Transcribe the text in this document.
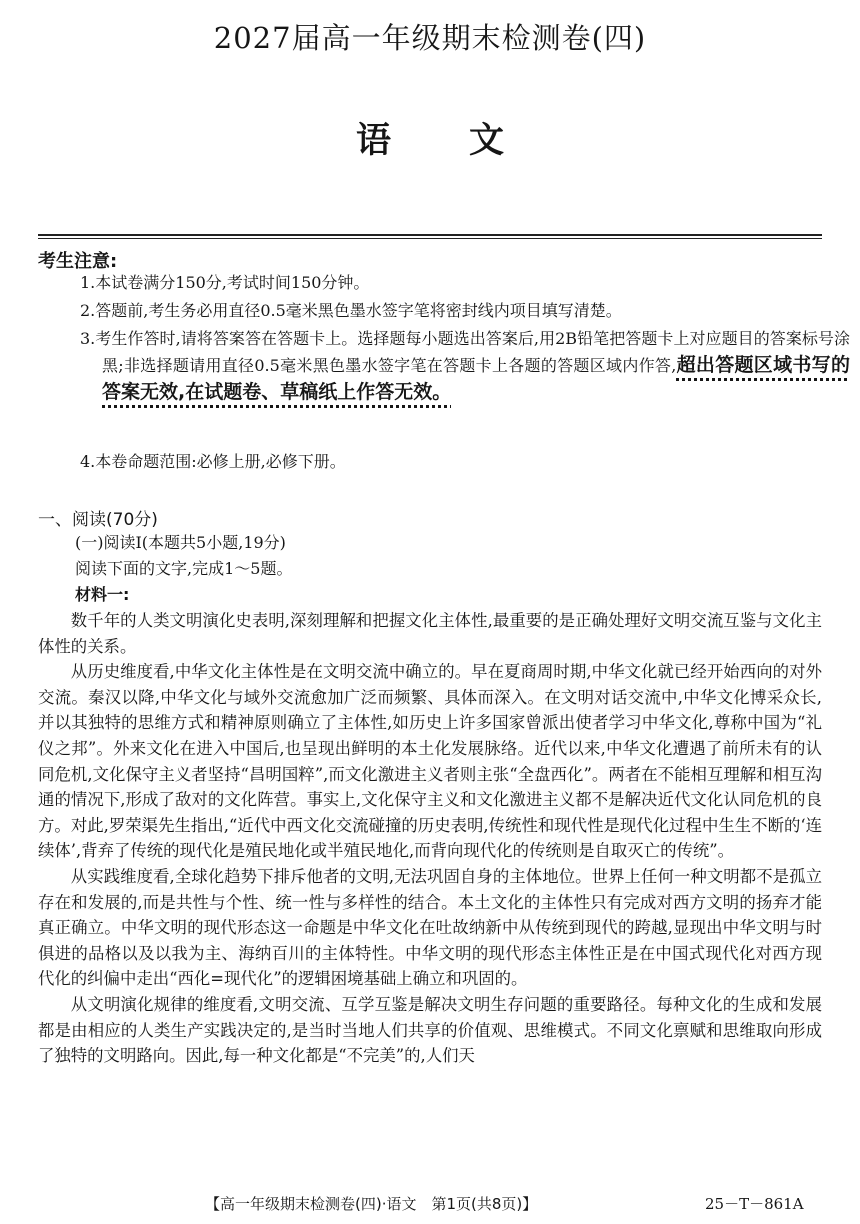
2027届高一年级期末检测卷(四)
语文
考生注意:
1.本试卷满分150分,考试时间150分钟。
2.答题前,考生务必用直径0.5毫米黑色墨水签字笔将密封线内项目填写清楚。
3.考生作答时,请将答案答在答题卡上。选择题每小题选出答案后,用2B铅笔把答题卡上对应题目的答案标号涂黑;非选择题请用直径0.5毫米黑色墨水签字笔在答题卡上各题的答题区域内作答,超出答题区域书写的答案无效,在试题卷、草稿纸上作答无效。
4.本卷命题范围:必修上册,必修下册。
一、阅读(70分)
(一)阅读Ⅰ(本题共5小题,19分)
阅读下面的文字,完成1～5题。
材料一:

数千年的人类文明演化史表明,深刻理解和把握文化主体性,最重要的是正确处理好文明交流互鉴与文化主体性的关系。

从历史维度看,中华文化主体性是在文明交流中确立的。早在夏商周时期,中华文化就已经开始西向的对外交流。秦汉以降,中华文化与域外交流愈加广泛而频繁、具体而深入。在文明对话交流中,中华文化博采众长,并以其独特的思维方式和精神原则确立了主体性,如历史上许多国家曾派出使者学习中华文化,尊称中国为“礼仪之邦”。外来文化在进入中国后,也呈现出鲜明的本土化发展脉络。近代以来,中华文化遭遇了前所未有的认同危机,文化保守主义者坚持“昌明国粹”,而文化激进主义者则主张“全盘西化”。两者在不能相互理解和相互沟通的情况下,形成了敌对的文化阵营。事实上,文化保守主义和文化激进主义都不是解决近代文化认同危机的良方。对此,罗荣渠先生指出,“近代中西文化交流碰撞的历史表明,传统性和现代性是现代化过程中生生不断的‘连续体’,背弃了传统的现代化是殖民地化或半殖民地化,而背向现代化的传统则是自取灭亡的传统”。

从实践维度看,全球化趋势下排斥他者的文明,无法巩固自身的主体地位。世界上任何一种文明都不是孤立存在和发展的,而是共性与个性、统一性与多样性的结合。本土文化的主体性只有完成对西方文明的扬弃才能真正确立。中华文明的现代形态这一命题是中华文化在吐故纳新中从传统到现代的跨越,显现出中华文明与时俱进的品格以及以我为主、海纳百川的主体特性。中华文明的现代形态主体性正是在中国式现代化对西方现代化的纠偏中走出“西化=现代化”的逻辑困境基础上确立和巩固的。

从文明演化规律的维度看,文明交流、互学互鉴是解决文明生存问题的重要路径。每种文化的生成和发展都是由相应的人类生产实践决定的,是当时当地人们共享的价值观、思维模式。不同文化禀赋和思维取向形成了独特的文明路向。因此,每一种文化都是“不完美”的,人们天

【高一年级期末检测卷(四)·语文　第1页(共8页)】	25－T－861A
